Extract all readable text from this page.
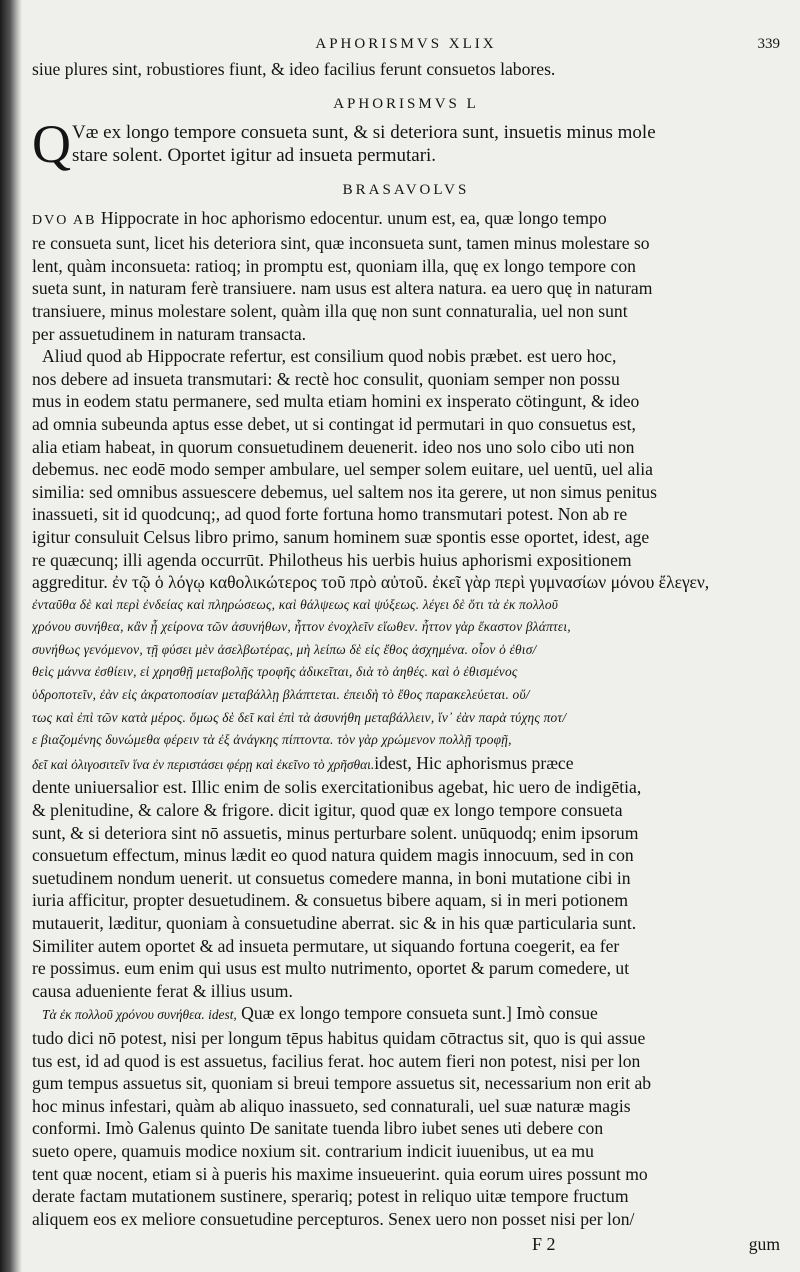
APHORISMVS XLIX	339
siue plures sint, robustiores fiunt, & ideo facilius ferunt consuetos labores.
APHORISMVS L
Q Væ ex longo tempore consueta sunt, & si deteriora sunt, insuetis minus mole
stare solent. Oportet igitur ad insueta permutari.
BRASAVOLVS
DVO AB Hippocrate in hoc aphorismo edocentur. unum est, ea, quæ longo tempo
re consueta sunt, licet his deteriora sint, quæ inconsueta sunt, tamen minus molestare so
lent, quàm inconsueta: ratioq; in promptu est, quoniam illa, quę ex longo tempore con
sueta sunt, in naturam ferè transiuere. nam usus est altera natura. ea uero quę in naturam
transiuere, minus molestare solent, quàm illa quę non sunt connaturalia, uel non sunt
per assuetudinem in naturam transacta.
Aliud quod ab Hippocrate refertur, est consilium quod nobis præbet. est uero hoc,
nos debere ad insueta transmutari: & rectè hoc consulit, quoniam semper non possu
mus in eodem statu permanere, sed multa etiam homini ex insperato cötingunt, & ideo
ad omnia subeunda aptus esse debet, ut si contingat id permutari in quo consuetus est,
alia etiam habeat, in quorum consuetudinem deuenerit. ideo nos uno solo cibo uti non
debemus. nec eodē modo semper ambulare, uel semper solem euitare, uel uentū, uel alia
similia: sed omnibus assuescere debemus, uel saltem nos ita gerere, ut non simus penitus
inassueti, sit id quodcunq;, ad quod forte fortuna homo transmutari potest. Non ab re
igitur consuluit Celsus libro primo, sanum hominem suæ spontis esse oportet, idest, age
re quæcunq; illi agenda occurrūt. Philotheus his uerbis huius aphorismi expositionem
aggreditur. ἐν τῷ ὁ λόγῳ καθολικώτερος τοῦ πρὸ αὐτοῦ. ἐκεῖ γὰρ περὶ γυμνασίων μόνου ἔλεγεν,
ἐνταῦθα δὲ καὶ περὶ ἐνδείας καὶ πληρώσεως, καὶ θάλψεως καὶ ψύξεως. λέγει δὲ ὅτι τὰ ἐκ πολλοῦ
χρόνου συνήθεα, κἂν ᾖ χείρονα τῶν ἀσυνήθων, ἧττον ἐνοχλεῖν εἴωθεν. ἧττον γὰρ ἕκαστον βλάπτει,
συνήθως γενόμενον, τῇ φύσει μὲν ἀσελβωτέρας, μὴ λείπω δὲ εἰς ἔθος ἀσχημένα. οἷον ὁ ἐθισ/
θεὶς μάννα ἐσθίειν, εἰ χρησθῇ μεταβολῇς τροφῆς ἀδικεῖται, διὰ τὸ ἀηθές. καὶ ὁ ἐθισμένος
ὑδροποτεῖν, ἐὰν εἰς ἀκρατοποσίαν μεταβάλλῃ βλάπτεται. ἐπειδὴ τὸ ἔθος παρακελεύεται. οὕ/
τως καὶ ἐπὶ τῶν κατὰ μέρος. ὅμως δὲ δεῖ καὶ ἐπὶ τὰ ἀσυνήθη μεταβάλλειν, ἵν᾽ ἐὰν παρὰ τύχης ποτ/
ε βιαζομένης δυνώμεθα φέρειν τὰ ἐξ ἀνάγκης πίπτοντα. τὸν γὰρ χρώμενον πολλῇ τροφῇ,
δεῖ καὶ ὀλιγοσιτεῖν ἵνα ἐν περιστάσει φέρῃ καὶ ἐκεῖνο τὸ χρῆσθαι.idest, Hic aphorismus præce
dente uniuersalior est. Illic enim de solis exercitationibus agebat, hic uero de indigētia,
& plenitudine, & calore & frigore. dicit igitur, quod quæ ex longo tempore consueta
sunt, & si deteriora sint nō assuetis, minus perturbare solent. unūquodq; enim ipsorum
consuetum effectum, minus lædit eo quod natura quidem magis innocuum, sed in con
suetudinem nondum uenerit. ut consuetus comedere manna, in boni mutatione cibi in
iuria afficitur, propter desuetudinem. & consuetus bibere aquam, si in meri potionem
mutauerit, læditur, quoniam à consuetudine aberrat. sic & in his quæ particularia sunt.
Similiter autem oportet & ad insueta permutare, ut siquando fortuna coegerit, ea fer
re possimus. eum enim qui usus est multo nutrimento, oportet & parum comedere, ut
causa adueniente ferat & illius usum.
Τὰ ἐκ πολλοῦ χρόνου συνήθεα. idest, Quæ ex longo tempore consueta sunt.] Imò consue
tudo dici nō potest, nisi per longum tēpus habitus quidam cōtractus sit, quo is qui assue
tus est, id ad quod is est assuetus, facilius ferat. hoc autem fieri non potest, nisi per lon
gum tempus assuetus sit, quoniam si breui tempore assuetus sit, necessarium non erit ab
hoc minus infestari, quàm ab aliquo inassueto, sed connaturali, uel suæ naturæ magis
conformi. Imò Galenus quinto De sanitate tuenda libro iubet senes uti debere con
sueto opere, quamuis modice noxium sit. contrarium indicit iuuenibus, ut ea mu
tent quæ nocent, etiam si à pueris his maxime insueuerint. quia eorum uires possunt mo
derate factam mutationem sustinere, sperariq; potest in reliquo uitæ tempore fructum
aliquem eos ex meliore consuetudine percepturos. Senex uero non posset nisi per lon/
F 2	gum
